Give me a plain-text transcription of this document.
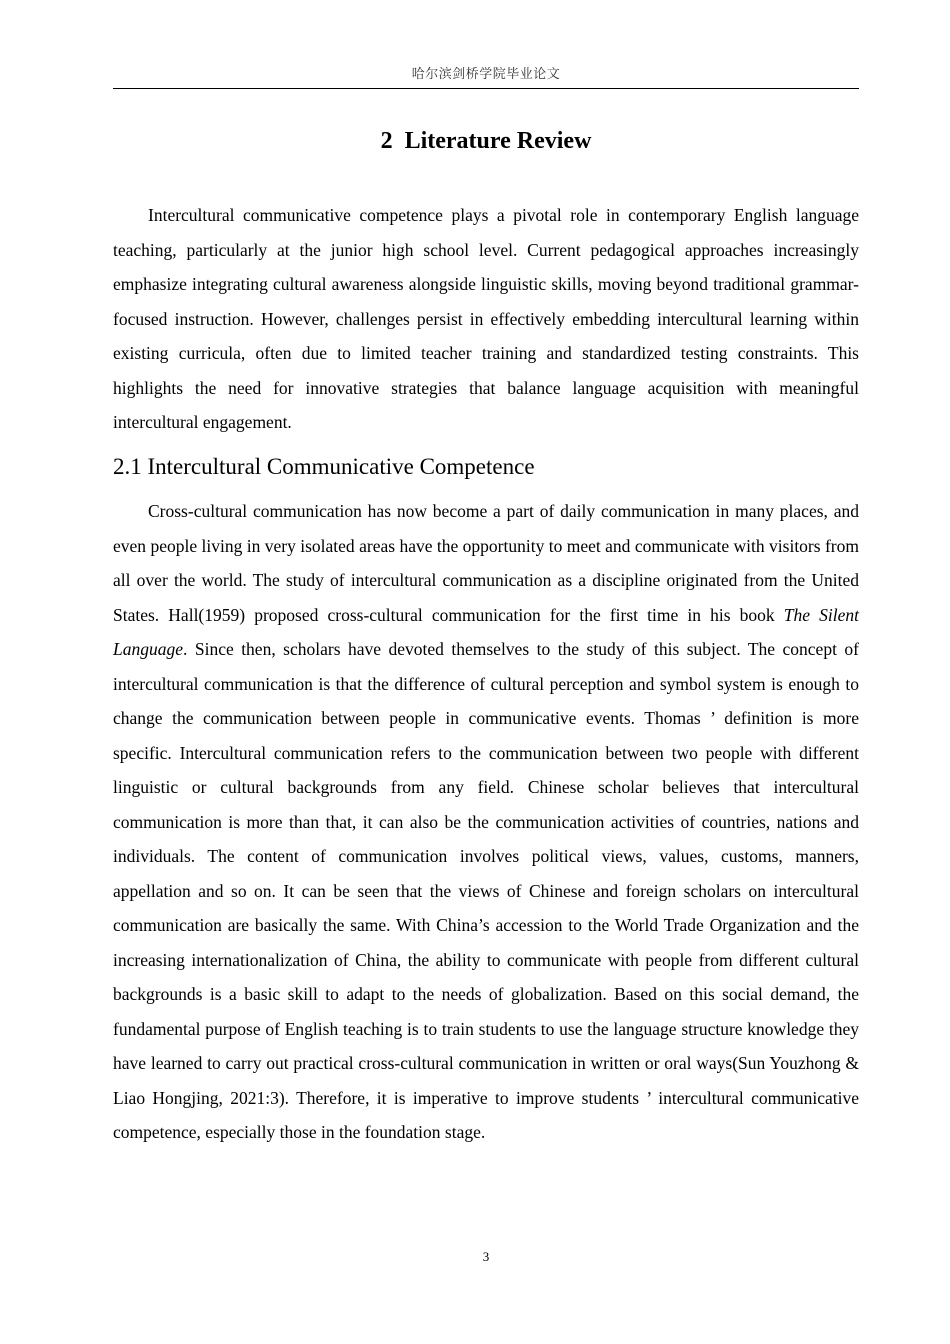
哈尔滨剑桥学院毕业论文
2  Literature Review

Intercultural communicative competence plays a pivotal role in contemporary English language teaching, particularly at the junior high school level. Current pedagogical approaches increasingly emphasize integrating cultural awareness alongside linguistic skills, moving beyond traditional grammar-focused instruction. However, challenges persist in effectively embedding intercultural learning within existing curricula, often due to limited teacher training and standardized testing constraints. This highlights the need for innovative strategies that balance language acquisition with meaningful intercultural engagement.

2.1 Intercultural Communicative Competence

Cross-cultural communication has now become a part of daily communication in many places, and even people living in very isolated areas have the opportunity to meet and communicate with visitors from all over the world. The study of intercultural communication as a discipline originated from the United States. Hall(1959) proposed cross-cultural communication for the first time in his book The Silent Language. Since then, scholars have devoted themselves to the study of this subject. The concept of intercultural communication is that the difference of cultural perception and symbol system is enough to change the communication between people in communicative events. Thomas ’ definition is more specific. Intercultural communication refers to the communication between two people with different linguistic or cultural backgrounds from any field. Chinese scholar believes that intercultural communication is more than that, it can also be the communication activities of countries, nations and individuals. The content of communication involves political views, values, customs, manners, appellation and so on. It can be seen that the views of Chinese and foreign scholars on intercultural communication are basically the same. With China’s accession to the World Trade Organization and the increasing internationalization of China, the ability to communicate with people from different cultural backgrounds is a basic skill to adapt to the needs of globalization. Based on this social demand, the fundamental purpose of English teaching is to train students to use the language structure knowledge they have learned to carry out practical cross-cultural communication in written or oral ways(Sun Youzhong & Liao Hongjing, 2021:3). Therefore, it is imperative to improve students ’ intercultural communicative competence, especially those in the foundation stage.

3
